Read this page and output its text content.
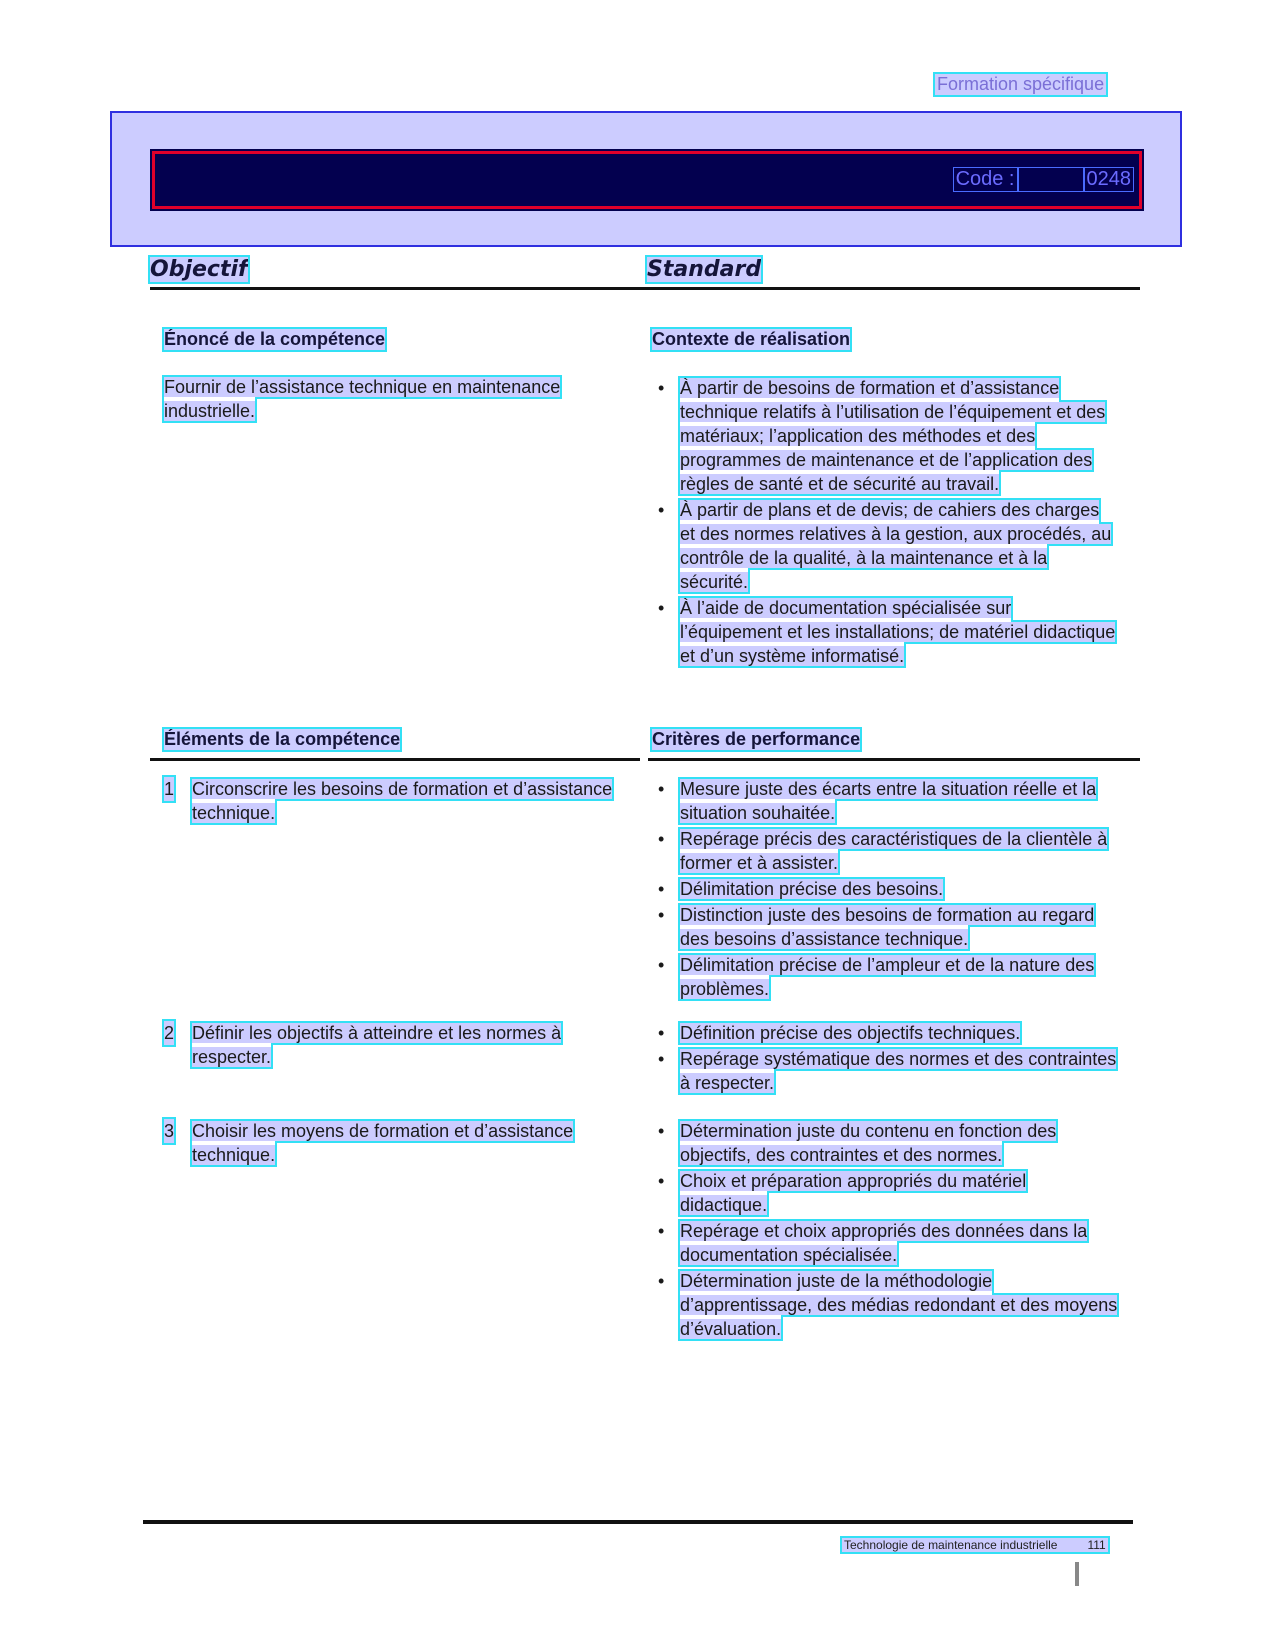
Formation spécifique
Code :	0248
Objectif	Standard
Énoncé de la compétence	Contexte de réalisation
Fournir de l’assistance technique en maintenance industrielle.
• À partir de besoins de formation et d’assistance technique relatifs à l’utilisation de l’équipement et des matériaux; l’application des méthodes et des programmes de maintenance et de l’application des règles de santé et de sécurité au travail.
• À partir de plans et de devis; de cahiers des charges et des normes relatives à la gestion, aux procédés, au contrôle de la qualité, à la maintenance et à la sécurité.
• À l’aide de documentation spécialisée sur l’équipement et les installations; de matériel didactique et d’un système informatisé.
Éléments de la compétence	Critères de performance
1 Circonscrire les besoins de formation et d’assistance technique.
• Mesure juste des écarts entre la situation réelle et la situation souhaitée.
• Repérage précis des caractéristiques de la clientèle à former et à assister.
• Délimitation précise des besoins.
• Distinction juste des besoins de formation au regard des besoins d’assistance technique.
• Délimitation précise de l’ampleur et de la nature des problèmes.
2 Définir les objectifs à atteindre et les normes à respecter.
• Définition précise des objectifs techniques.
• Repérage systématique des normes et des contraintes à respecter.
3 Choisir les moyens de formation et d’assistance technique.
• Détermination juste du contenu en fonction des objectifs, des contraintes et des normes.
• Choix et préparation appropriés du matériel didactique.
• Repérage et choix appropriés des données dans la documentation spécialisée.
• Détermination juste de la méthodologie d’apprentissage, des médias redondant et des moyens d’évaluation.
Technologie de maintenance industrielle	111
